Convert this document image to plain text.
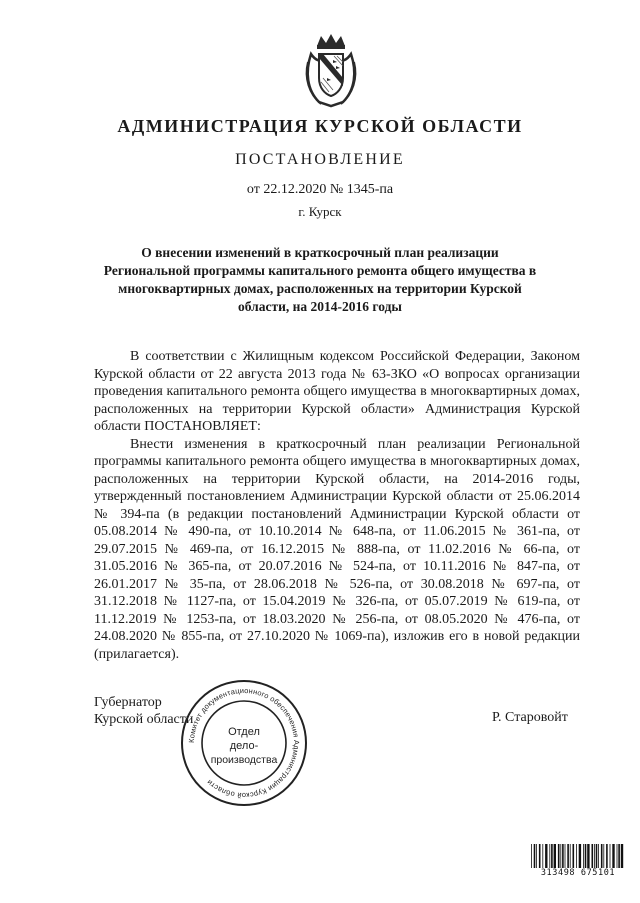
АДМИНИСТРАЦИЯ КУРСКОЙ ОБЛАСТИ
ПОСТАНОВЛЕНИЕ
от 22.12.2020 № 1345-па
г. Курск
О внесении изменений в краткосрочный план реализации
Региональной программы капитального ремонта общего имущества в
многоквартирных домах, расположенных на территории Курской
области, на 2014-2016 годы

В соответствии с Жилищным кодексом Российской Федерации, Законом Курской области от 22 августа 2013 года № 63-ЗКО «О вопросах организации проведения капитального ремонта общего имущества в многоквартирных домах, расположенных на территории Курской области» Администрация Курской области ПОСТАНОВЛЯЕТ:

Внести изменения в краткосрочный план реализации Региональной программы капитального ремонта общего имущества в многоквартирных домах, расположенных на территории Курской области, на 2014-2016 годы, утвержденный постановлением Администрации Курской области от 25.06.2014 № 394-па (в редакции постановлений Администрации Курской области от 05.08.2014 № 490-па, от 10.10.2014 № 648-па, от 11.06.2015 № 361-па, от 29.07.2015 № 469-па, от 16.12.2015 № 888-па, от 11.02.2016 № 66-па, от 31.05.2016 № 365-па, от 20.07.2016 № 524-па, от 10.11.2016 № 847-па, от 26.01.2017 № 35-па, от 28.06.2018 № 526-па, от 30.08.2018 № 697-па, от 31.12.2018 № 1127-па, от 15.04.2019 № 326-па, от 05.07.2019 № 619-па, от 11.12.2019 № 1253-па, от 18.03.2020 № 256-па, от 08.05.2020 № 476-па, от 24.08.2020 № 855-па, от 27.10.2020 № 1069-па), изложив его в новой редакции (прилагается).

Губернатор
Курской области	Р. Старовойт
Комитет документационного обеспечения Администрации Курской области
Отдел
дело-
производства
313498 675101
